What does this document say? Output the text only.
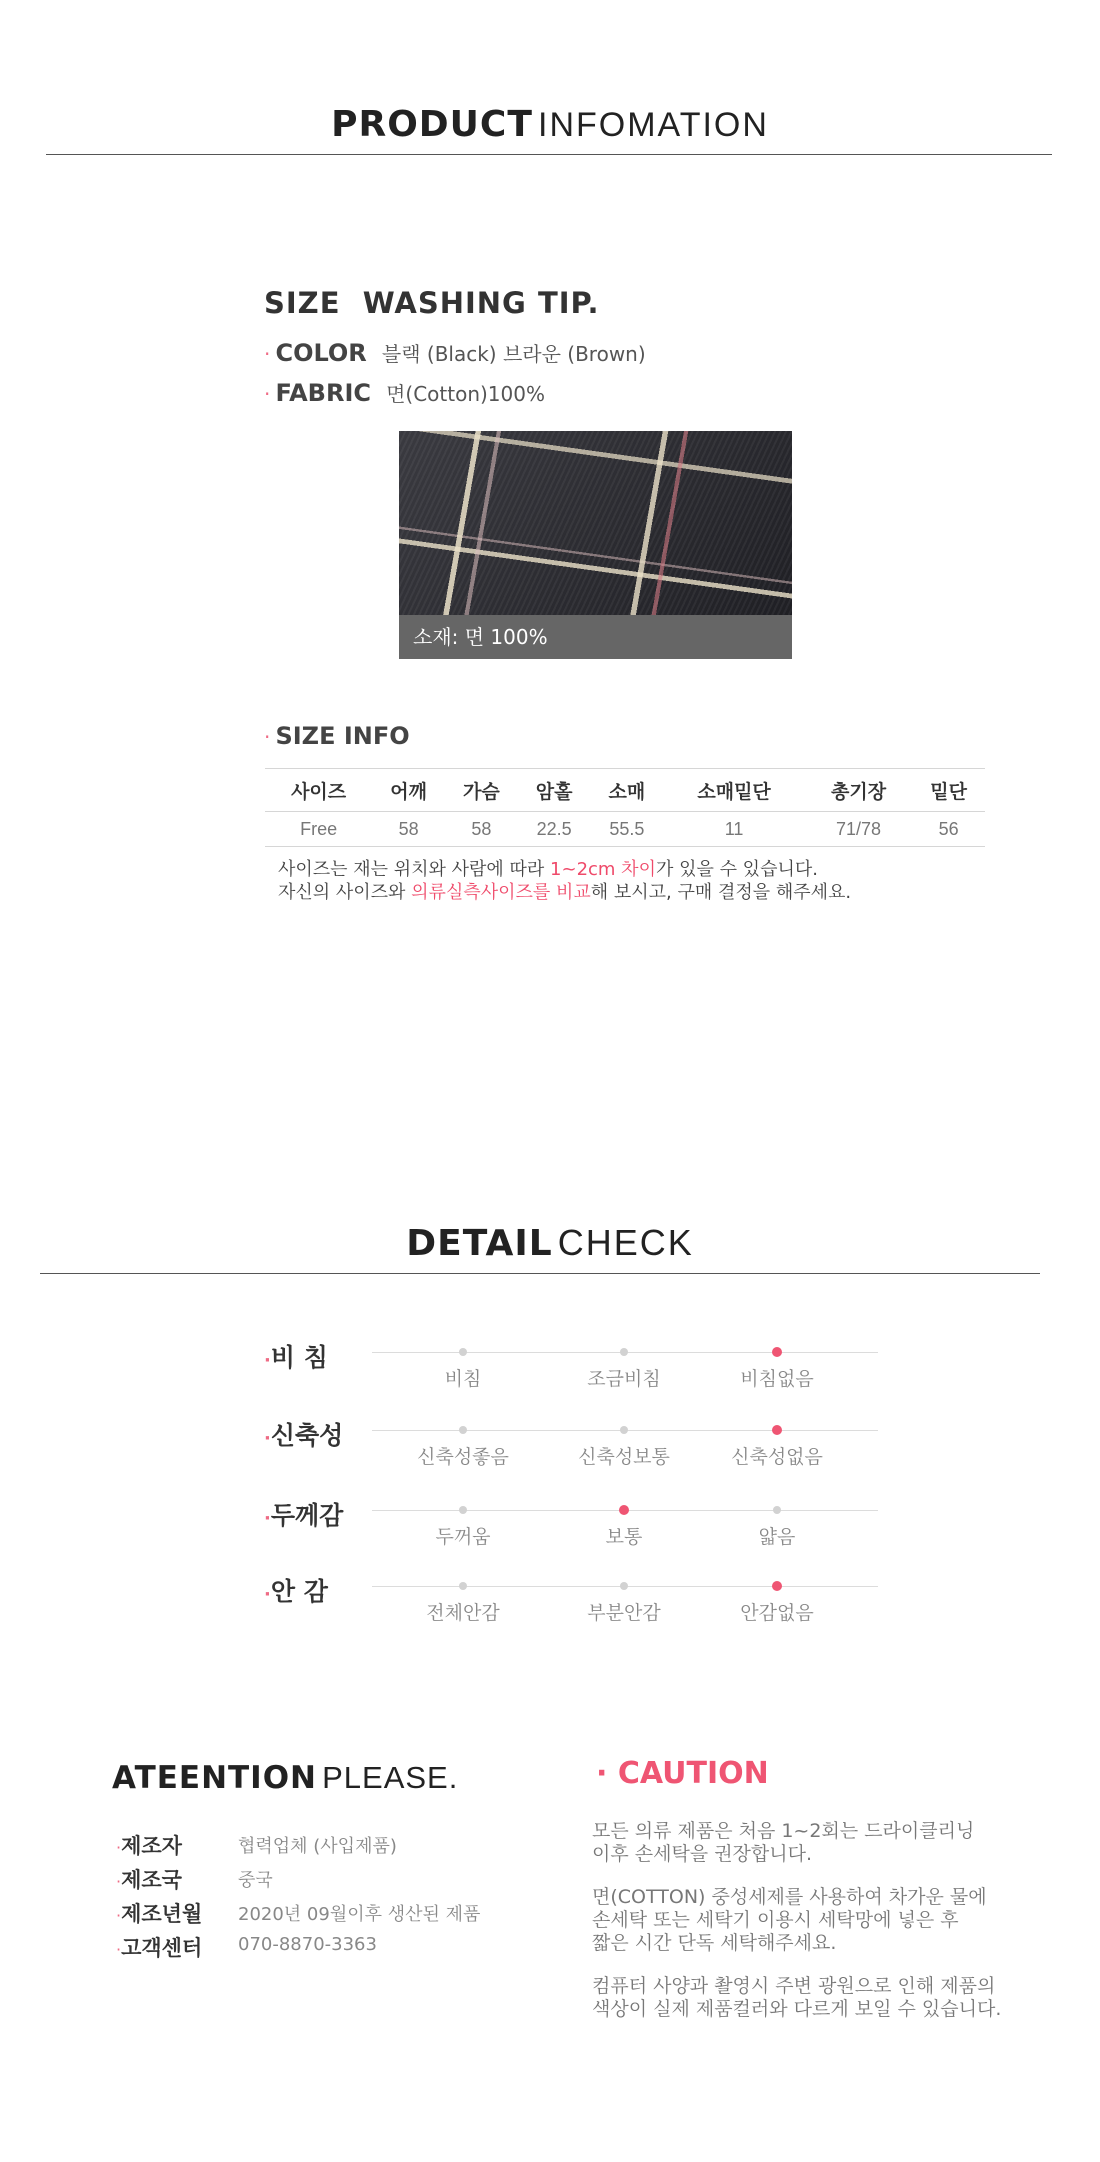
PRODUCT INFOMATION
SIZE  WASHING TIP.
· COLOR 블랙 (Black) 브라운 (Brown)
· FABRIC 면(Cotton)100%
소재: 면 100%
· SIZE INFO
사이즈	어깨	가슴	암홀	소매	소매밑단	총기장	밑단
Free	58	58	22.5	55.5	11	71/78	56
사이즈는 재는 위치와 사람에 따라 1~2cm 차이가 있을 수 있습니다.
자신의 사이즈와 의류실측사이즈를 비교해 보시고, 구매 결정을 해주세요.
DETAIL CHECK
·비 침
비침	조금비침	비침없음
·신축성
신축성좋음	신축성보통	신축성없음
·두께감
두꺼움	보통	얇음
·안 감
전체안감	부분안감	안감없음
ATEENTION PLEASE.
·제조자	협력업체 (사입제품)
·제조국	중국
·제조년월 2020년 09월이후 생산된 제품
·고객센터 070-8870-3363
· CAUTION
모든 의류 제품은 처음 1~2회는 드라이클리닝
이후 손세탁을 권장합니다.
면(COTTON) 중성세제를 사용하여 차가운 물에
손세탁 또는 세탁기 이용시 세탁망에 넣은 후
짧은 시간 단독 세탁해주세요.
컴퓨터 사양과 촬영시 주변 광원으로 인해 제품의
색상이 실제 제품컬러와 다르게 보일 수 있습니다.
